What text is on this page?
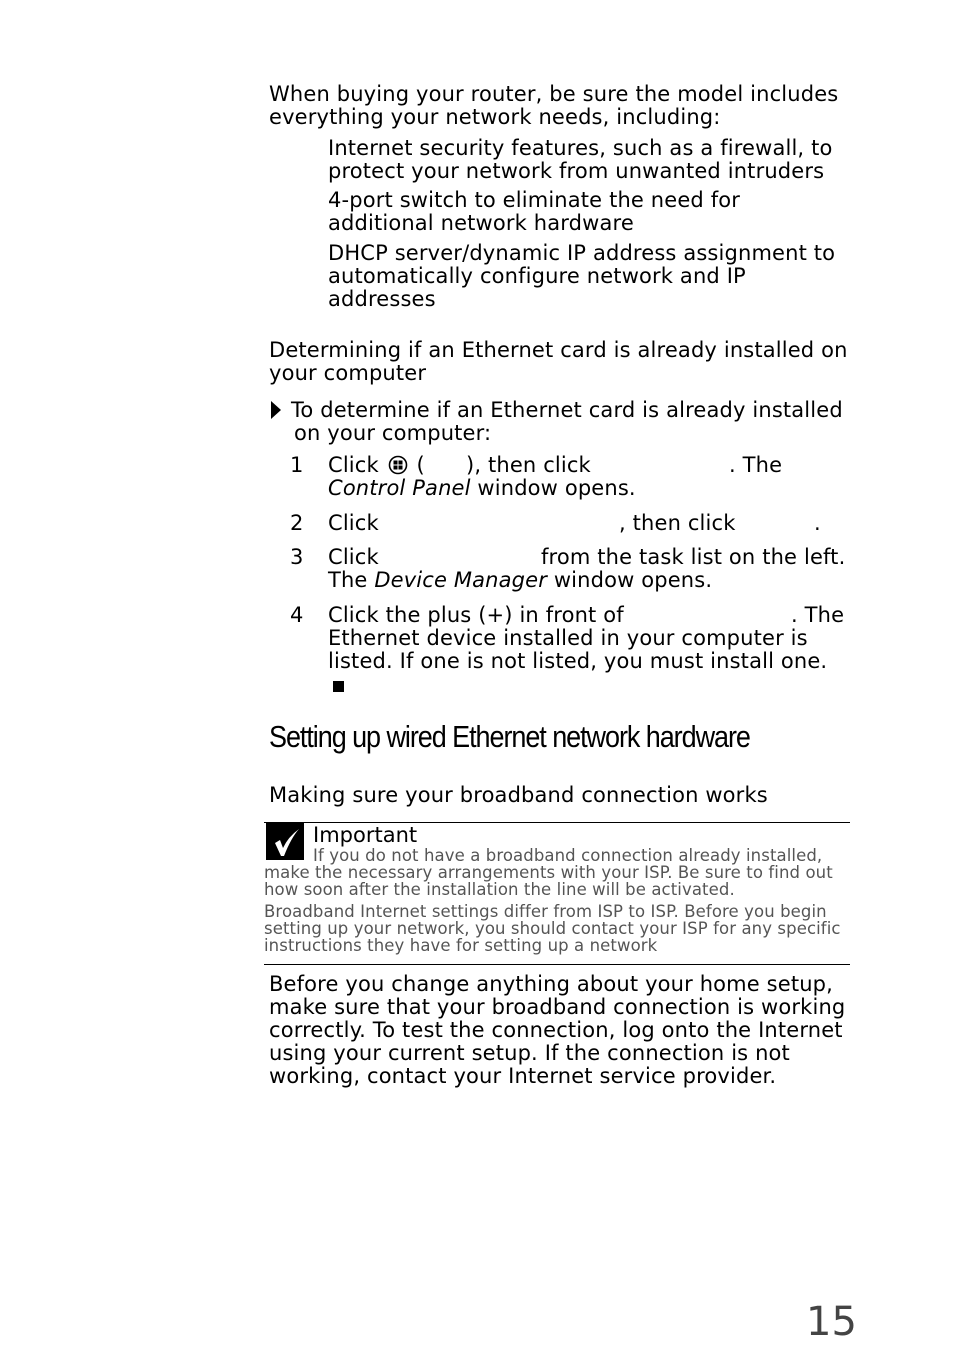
When buying your router, be sure the model includes
everything your network needs, including:
Internet security features, such as a firewall, to
protect your network from unwanted intruders
4-port switch to eliminate the need for
additional network hardware
DHCP server/dynamic IP address assignment to
automatically configure network and IP
addresses
Determining if an Ethernet card is already installed on
your computer
To determine if an Ethernet card is already installed
on your computer:
1	Click ( ), then click	. The
Control Panel window opens.
2	Click	, then click	.
3	Click	from the task list on the left.
The Device Manager window opens.
4	Click the plus (+) in front of	. The
Ethernet device installed in your computer is
listed. If one is not listed, you must install one.
Setting up wired Ethernet network hardware
Making sure your broadband connection works
Important
If you do not have a broadband connection already installed,
make the necessary arrangements with your ISP. Be sure to find out
how soon after the installation the line will be activated.
Broadband Internet settings differ from ISP to ISP. Before you begin
setting up your network, you should contact your ISP for any specific
instructions they have for setting up a network
Before you change anything about your home setup,
make sure that your broadband connection is working
correctly. To test the connection, log onto the Internet
using your current setup. If the connection is not
working, contact your Internet service provider.
15
